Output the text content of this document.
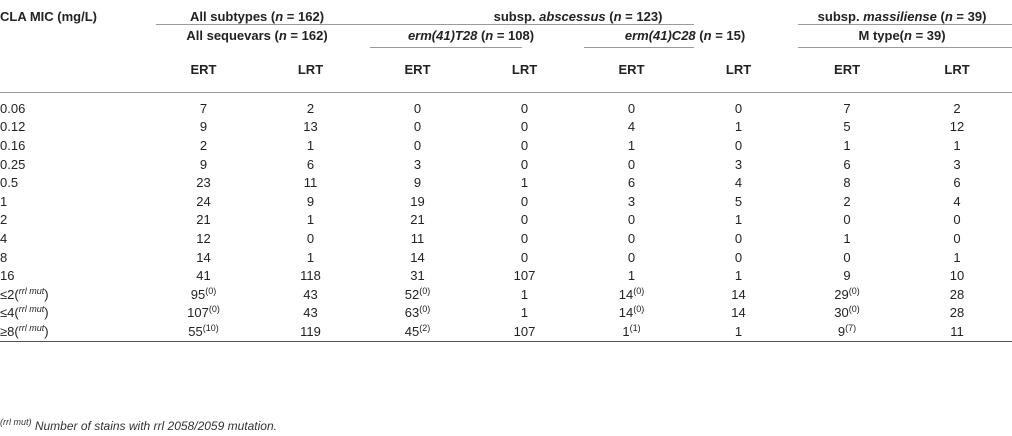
CLA MIC (mg/L)	All subtypes (n = 162)		subsp. abscessus (n = 123)				subsp. massiliense (n = 39)	
	All sequevars (n = 162)		erm(41)T28 (n = 108)		erm(41)C28 (n = 15)		M type(n = 39)	
	ERT	LRT	ERT	LRT	ERT	LRT	ERT	LRT
0.06	7	2	0	0	0	0	7	2
0.12	9	13	0	0	4	1	5	12
0.16	2	1	0	0	1	0	1	1
0.25	9	6	3	0	0	3	6	3
0.5	23	11	9	1	6	4	8	6
1	24	9	19	0	3	5	2	4
2	21	1	21	0	0	1	0	0
4	12	0	11	0	0	0	1	0
8	14	1	14	0	0	0	0	1
16	41	118	31	107	1	1	9	10
≤2($^{rrl mut}$)	95$^{(0)}$	43	52$^{(0)}$	1	14$^{(0)}$	14	29$^{(0)}$	28
≤4($^{rrl mut}$)	107$^{(0)}$	43	63$^{(0)}$	1	14$^{(0)}$	14	30$^{(0)}$	28
≥8($^{rrl mut}$)	55$^{(10)}$	119	45$^{(2)}$	107	1$^{(1)}$	1	9$^{(7)}$	11
$^{(rrl mut)}$ Number of stains with rrl 2058/2059 mutation.
